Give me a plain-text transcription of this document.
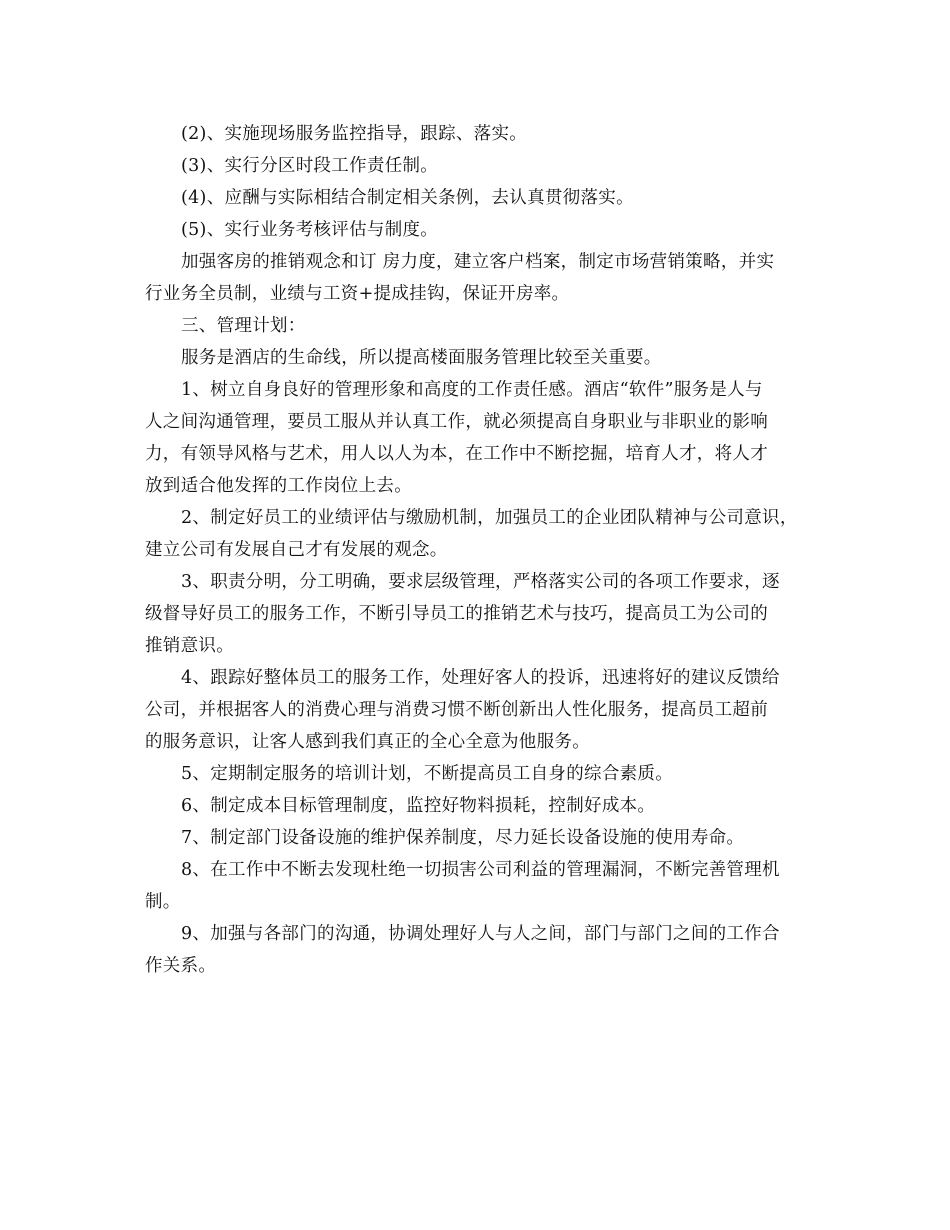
(2)、实施现场服务监控指导，跟踪、落实。
(3)、实行分区时段工作责任制。
(4)、应酬与实际相结合制定相关条例，去认真贯彻落实。
(5)、实行业务考核评估与制度。
加强客房的推销观念和订 房力度，建立客户档案，制定市场营销策略，并实
行业务全员制，业绩与工资+提成挂钩，保证开房率。
三、管理计划：
服务是酒店的生命线，所以提高楼面服务管理比较至关重要。
1、树立自身良好的管理形象和高度的工作责任感。酒店“软件”服务是人与
人之间沟通管理，要员工服从并认真工作，就必须提高自身职业与非职业的影响
力，有领导风格与艺术，用人以人为本，在工作中不断挖掘，培育人才，将人才
放到适合他发挥的工作岗位上去。
2、制定好员工的业绩评估与缴励机制，加强员工的企业团队精神与公司意识，
建立公司有发展自己才有发展的观念。
3、职责分明，分工明确，要求层级管理，严格落实公司的各项工作要求，逐
级督导好员工的服务工作，不断引导员工的推销艺术与技巧，提高员工为公司的
推销意识。
4、跟踪好整体员工的服务工作，处理好客人的投诉，迅速将好的建议反馈给
公司，并根据客人的消费心理与消费习惯不断创新出人性化服务，提高员工超前
的服务意识，让客人感到我们真正的全心全意为他服务。
5、定期制定服务的培训计划，不断提高员工自身的综合素质。
6、制定成本目标管理制度，监控好物料损耗，控制好成本。
7、制定部门设备设施的维护保养制度，尽力延长设备设施的使用寿命。
8、在工作中不断去发现杜绝一切损害公司利益的管理漏洞，不断完善管理机
制。
9、加强与各部门的沟通，协调处理好人与人之间，部门与部门之间的工作合
作关系。
